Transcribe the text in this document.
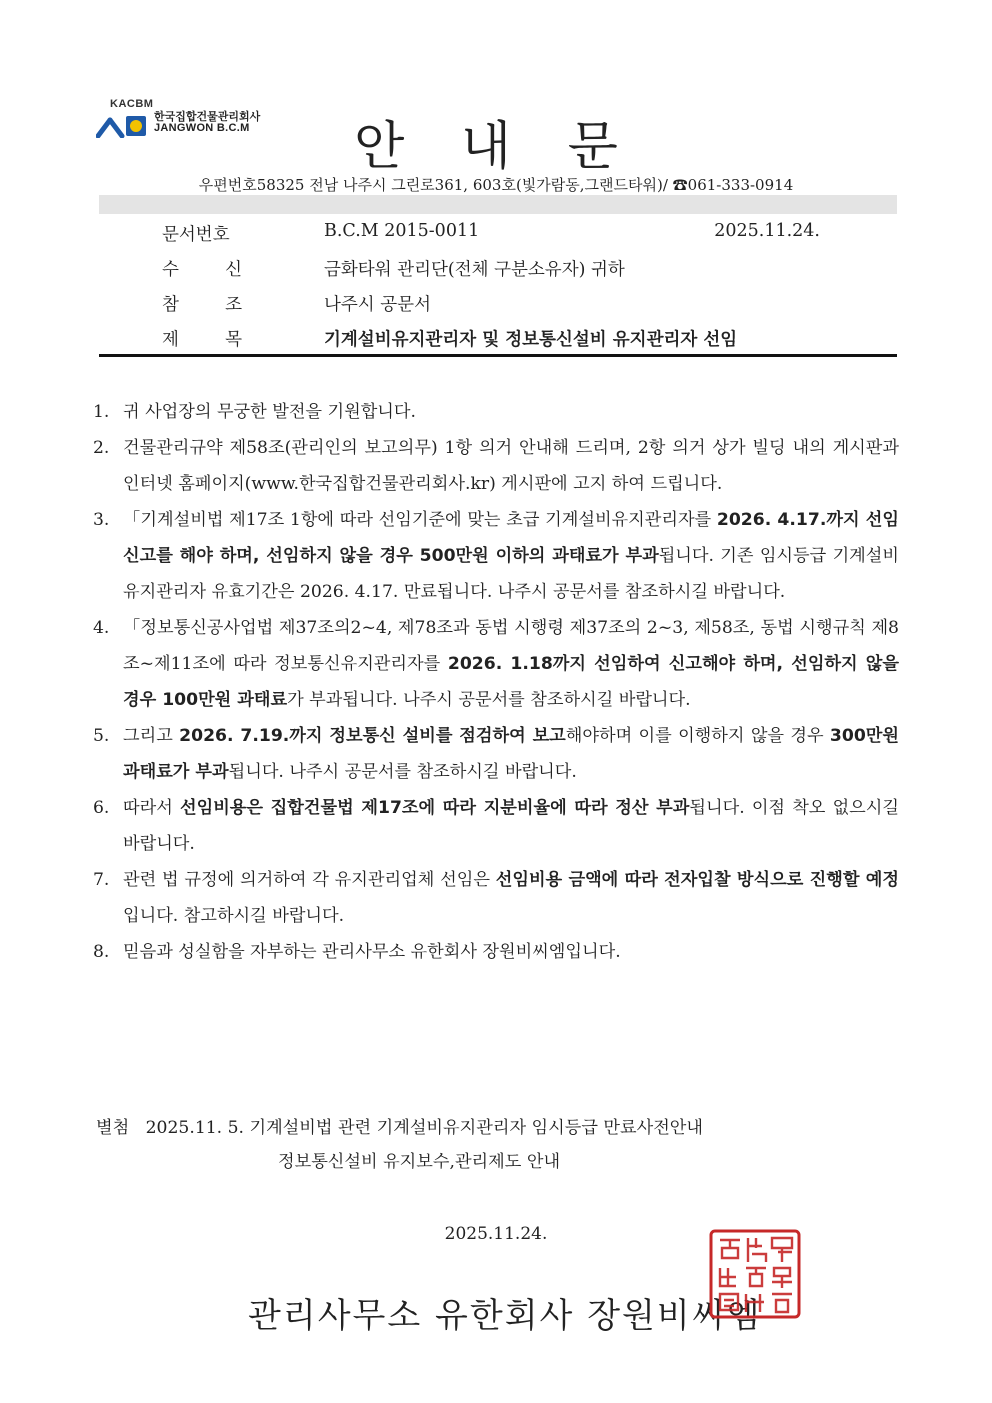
KACBM
한국집합건물관리회사
JANGWON B.C.M	안 내 문
우편번호58325 전남 나주시 그린로361, 603호(빛가람동,그랜드타워)/ ☎061-333-0914
문서번호	B.C.M 2015-0011	2025.11.24.
수	신	금화타워 관리단(전체 구분소유자) 귀하
참	조	나주시 공문서
제	목	기계설비유지관리자 및 정보통신설비 유지관리자 선임
1. 귀 사업장의 무궁한 발전을 기원합니다.
2. 건물관리규약 제58조(관리인의 보고의무) 1항 의거 안내해 드리며, 2항 의거 상가 빌딩 내의 게시판과 인터넷 홈페이지(www.한국집합건물관리회사.kr) 게시판에 고지 하여 드립니다.
3. 「기계설비법 제17조 1항에 따라 선임기준에 맞는 초급 기계설비유지관리자를 2026. 4.17.까지 선임신고를 해야 하며, 선임하지 않을 경우 500만원 이하의 과태료가 부과됩니다. 기존 임시등급 기계설비유지관리자 유효기간은 2026. 4.17. 만료됩니다. 나주시 공문서를 참조하시길 바랍니다.
4. 「정보통신공사업법 제37조의2~4, 제78조과 동법 시행령 제37조의 2~3, 제58조, 동법 시행규칙 제8조~제11조에 따라 정보통신유지관리자를 2026. 1.18까지 선임하여 신고해야 하며, 선임하지 않을 경우 100만원 과태료가 부과됩니다. 나주시 공문서를 참조하시길 바랍니다.
5. 그리고 2026. 7.19.까지 정보통신 설비를 점검하여 보고해야하며 이를 이행하지 않을 경우 300만원 과태료가 부과됩니다. 나주시 공문서를 참조하시길 바랍니다.
6. 따라서 선임비용은 집합건물법 제17조에 따라 지분비율에 따라 정산 부과됩니다. 이점 착오 없으시길 바랍니다.
7. 관련 법 규정에 의거하여 각 유지관리업체 선임은 선임비용 금액에 따라 전자입찰 방식으로 진행할 예정입니다. 참고하시길 바랍니다.
8. 믿음과 성실함을 자부하는 관리사무소 유한회사 장원비씨엠입니다.
별첨 2025.11. 5. 기계설비법 관련 기계설비유지관리자 임시등급 만료사전안내
정보통신설비 유지보수,관리제도 안내
2025.11.24.
관리사무소 유한회사 장원비씨엠
